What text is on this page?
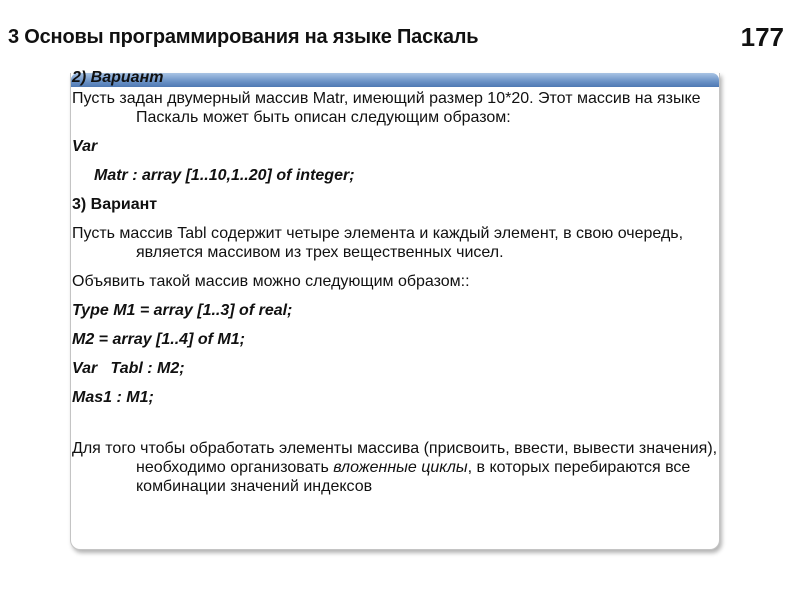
3 Основы программирования на языке Паскаль	177
2) Вариант
Пусть задан двумерный массив Matr, имеющий размер 10*20. Этот массив на языке Паскаль может быть описан следующим образом:
Var
Matr : array [1..10,1..20] of integer;
3) Вариант
Пусть массив Tabl содержит четыре элемента и каждый элемент, в свою очередь, является массивом из трех вещественных чисел.
Объявить такой массив можно следующим образом::
Type M1 = array [1..3] of real;
M2 = array [1..4] of M1;
Var   Tabl : M2;
Mas1 : M1;
Для того чтобы обработать элементы массива (присвоить, ввести, вывести значения), необходимо организовать вложенные циклы, в которых перебираются все комбинации значений индексов
